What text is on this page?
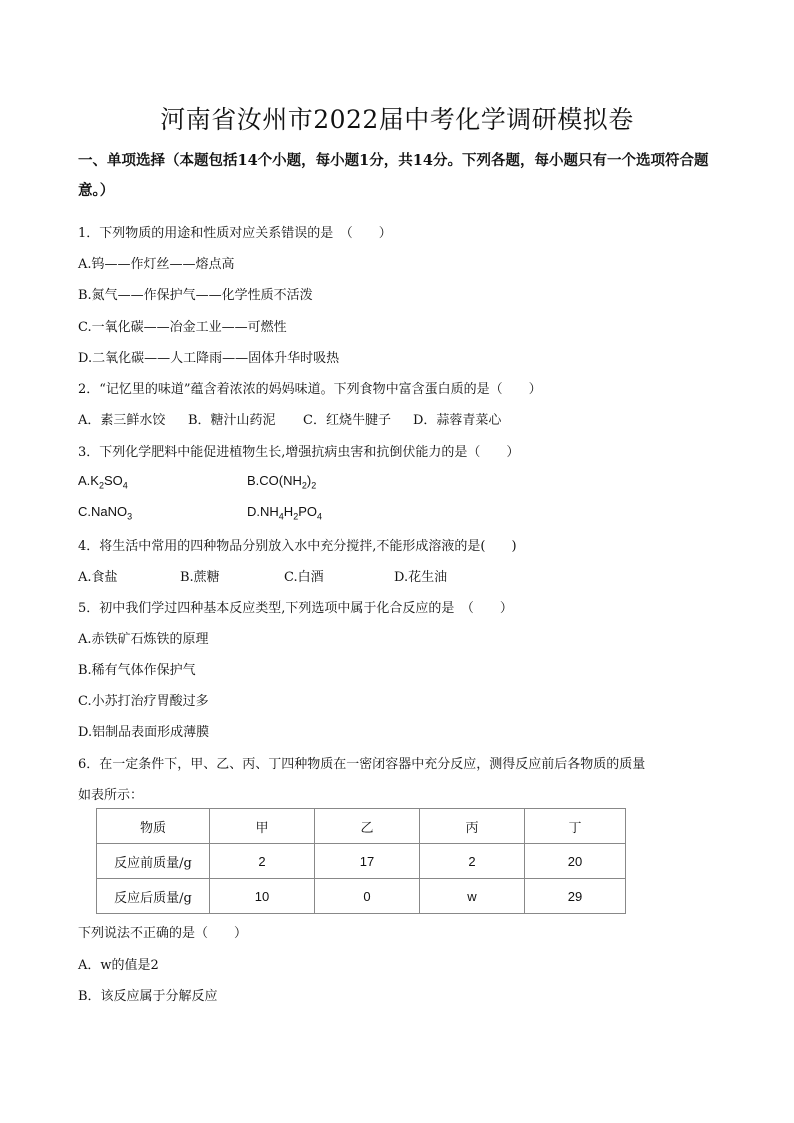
河南省汝州市2022届中考化学调研模拟卷
一、单项选择（本题包括14个小题，每小题1分，共14分。下列各题，每小题只有一个选项符合题意。）
1．下列物质的用途和性质对应关系错误的是　（　　）
A.钨——作灯丝——熔点高
B.氮气——作保护气——化学性质不活泼
C.一氧化碳——冶金工业——可燃性
D.二氧化碳——人工降雨——固体升华时吸热
2．“记忆里的味道”蕴含着浓浓的妈妈味道。下列食物中富含蛋白质的是（　　）
A．素三鲜水饺 B．糖汁山药泥 C．红烧牛腱子 D．蒜蓉青菜心
3．下列化学肥料中能促进植物生长,增强抗病虫害和抗倒伏能力的是（　　）
$A.K_2SO_4$	$B.CO(NH_2)_2$
C.NaNO$_3$	$D.NH_4H_2PO_4$
4．将生活中常用的四种物品分别放入水中充分搅拌,不能形成溶液的是(　　)
A.食盐	B.蔗糖	C.白酒	D.花生油
5．初中我们学过四种基本反应类型,下列选项中属于化合反应的是　（　　）
A.赤铁矿石炼铁的原理
B.稀有气体作保护气
C.小苏打治疗胃酸过多
D.铝制品表面形成薄膜
6．在一定条件下，甲、乙、丙、丁四种物质在一密闭容器中充分反应，测得反应前后各物质的质量
如表所示：
物质	甲	乙	丙	丁
反应前质量/g	2	17	2	20
反应后质量/g	10	0	w	29
下列说法不正确的是（　　）
A．w的值是2
B．该反应属于分解反应
